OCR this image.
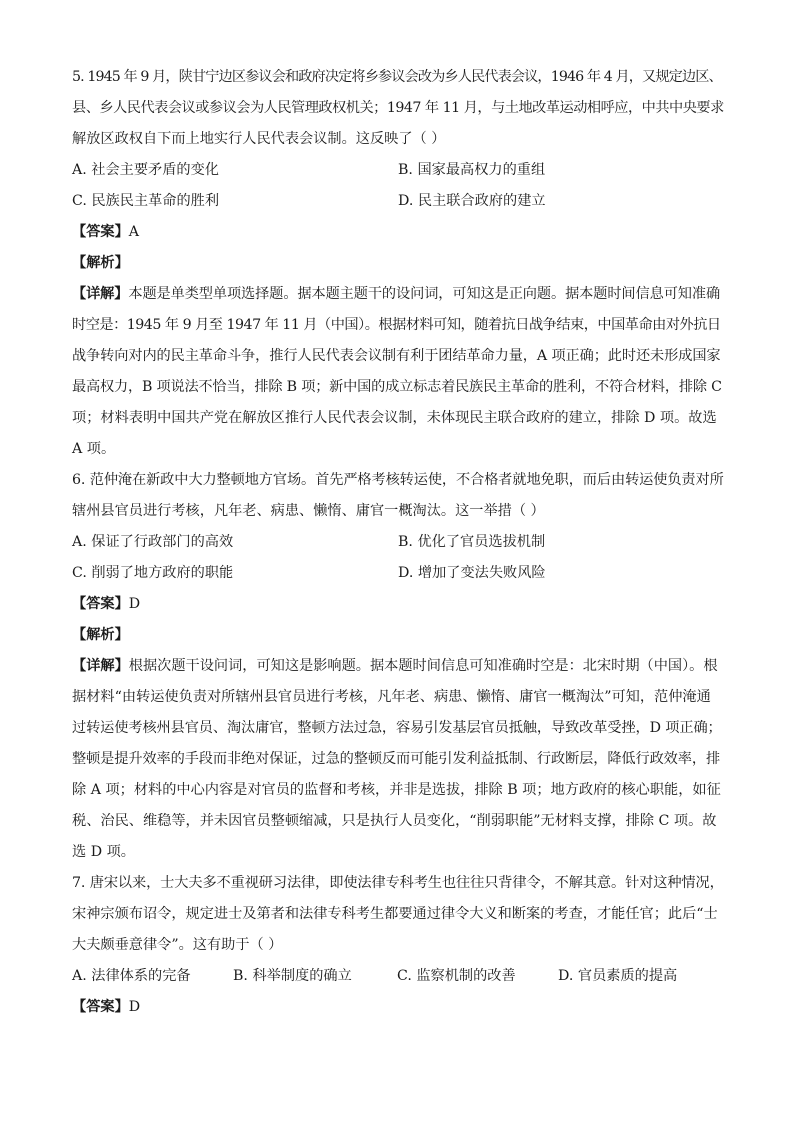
5. 1945 年 9 月，陕甘宁边区参议会和政府决定将乡参议会改为乡人民代表会议，1946 年 4 月，又规定边区、
县、乡人民代表会议或参议会为人民管理政权机关；1947 年 11 月，与土地改革运动相呼应，中共中央要求
解放区政权自下而上地实行人民代表会议制。这反映了（ ）
A. 社会主要矛盾的变化	B. 国家最高权力的重组
C. 民族民主革命的胜利	D. 民主联合政府的建立
【答案】A
【解析】
【详解】本题是单类型单项选择题。据本题主题干的设问词，可知这是正向题。据本题时间信息可知准确
时空是：1945 年 9 月至 1947 年 11 月（中国）。根据材料可知，随着抗日战争结束，中国革命由对外抗日
战争转向对内的民主革命斗争，推行人民代表会议制有利于团结革命力量，A 项正确；此时还未形成国家
最高权力，B 项说法不恰当，排除 B 项；新中国的成立标志着民族民主革命的胜利，不符合材料，排除 C
项；材料表明中国共产党在解放区推行人民代表会议制，未体现民主联合政府的建立，排除 D 项。故选
A 项。
6. 范仲淹在新政中大力整顿地方官场。首先严格考核转运使，不合格者就地免职，而后由转运使负责对所
辖州县官员进行考核，凡年老、病患、懒惰、庸官一概淘汰。这一举措（ ）
A. 保证了行政部门的高效	B. 优化了官员选拔机制
C. 削弱了地方政府的职能	D. 增加了变法失败风险
【答案】D
【解析】
【详解】根据次题干设问词，可知这是影响题。据本题时间信息可知准确时空是：北宋时期（中国）。根
据材料“由转运使负责对所辖州县官员进行考核，凡年老、病患、懒惰、庸官一概淘汰”可知，范仲淹通
过转运使考核州县官员、淘汰庸官，整顿方法过急，容易引发基层官员抵触，导致改革受挫，D 项正确；
整顿是提升效率的手段而非绝对保证，过急的整顿反而可能引发利益抵制、行政断层，降低行政效率，排
除 A 项；材料的中心内容是对官员的监督和考核，并非是选拔，排除 B 项；地方政府的核心职能，如征
税、治民、维稳等，并未因官员整顿缩减，只是执行人员变化，“削弱职能”无材料支撑，排除 C 项。故
选 D 项。
7. 唐宋以来，士大夫多不重视研习法律，即使法律专科考生也往往只背律令，不解其意。针对这种情况，
宋神宗颁布诏令，规定进士及第者和法律专科考生都要通过律令大义和断案的考查，才能任官；此后“士
大夫颇垂意律令”。这有助于（ ）
A. 法律体系的完备	B. 科举制度的确立	C. 监察机制的改善	D. 官员素质的提高
【答案】D
